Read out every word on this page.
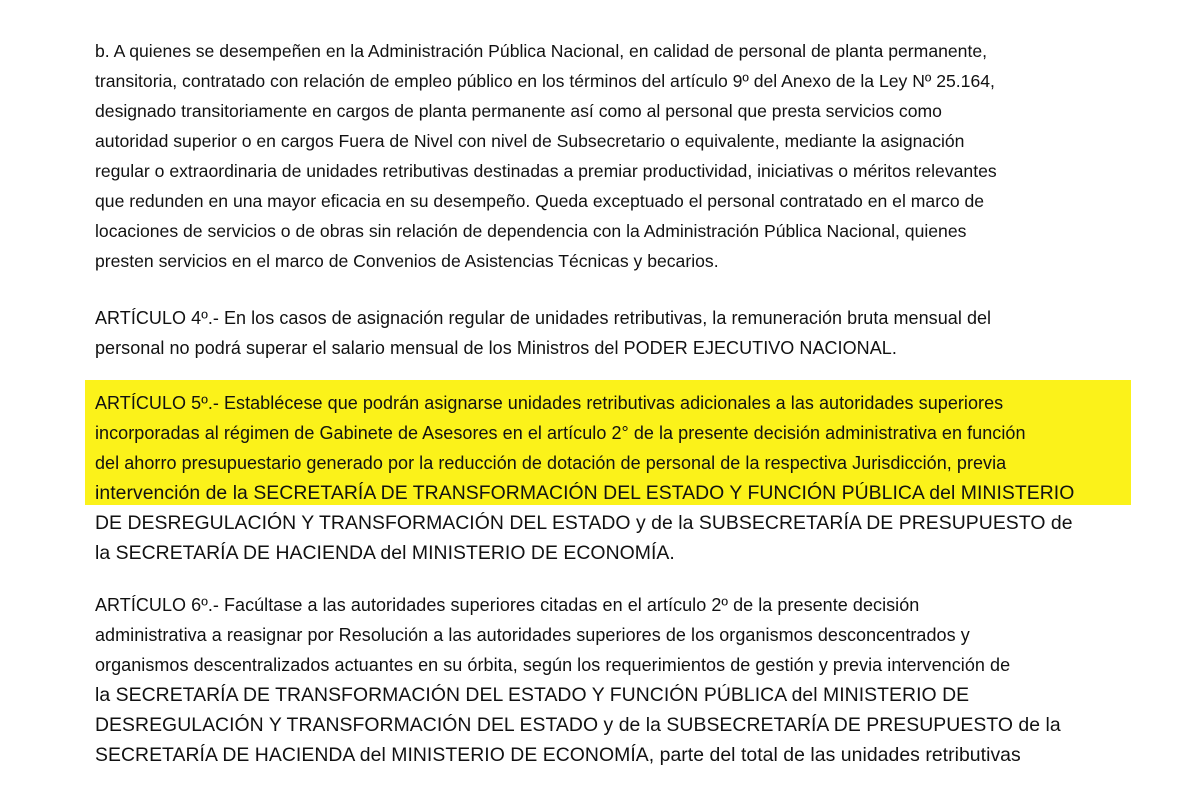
b. A quienes se desempeñen en la Administración Pública Nacional, en calidad de personal de planta permanente,
transitoria, contratado con relación de empleo público en los términos del artículo 9º del Anexo de la Ley Nº 25.164,
designado transitoriamente en cargos de planta permanente así como al personal que presta servicios como
autoridad superior o en cargos Fuera de Nivel con nivel de Subsecretario o equivalente, mediante la asignación
regular o extraordinaria de unidades retributivas destinadas a premiar productividad, iniciativas o méritos relevantes
que redunden en una mayor eficacia en su desempeño. Queda exceptuado el personal contratado en el marco de
locaciones de servicios o de obras sin relación de dependencia con la Administración Pública Nacional, quienes
presten servicios en el marco de Convenios de Asistencias Técnicas y becarios.
ARTÍCULO 4º.- En los casos de asignación regular de unidades retributivas, la remuneración bruta mensual del
personal no podrá superar el salario mensual de los Ministros del PODER EJECUTIVO NACIONAL.
ARTÍCULO 5º.- Establécese que podrán asignarse unidades retributivas adicionales a las autoridades superiores
incorporadas al régimen de Gabinete de Asesores en el artículo 2° de la presente decisión administrativa en función
del ahorro presupuestario generado por la reducción de dotación de personal de la respectiva Jurisdicción, previa
intervención de la SECRETARÍA DE TRANSFORMACIÓN DEL ESTADO Y FUNCIÓN PÚBLICA del MINISTERIO
DE DESREGULACIÓN Y TRANSFORMACIÓN DEL ESTADO y de la SUBSECRETARÍA DE PRESUPUESTO de
la SECRETARÍA DE HACIENDA del MINISTERIO DE ECONOMÍA.
ARTÍCULO 6º.- Facúltase a las autoridades superiores citadas en el artículo 2º de la presente decisión
administrativa a reasignar por Resolución a las autoridades superiores de los organismos desconcentrados y
organismos descentralizados actuantes en su órbita, según los requerimientos de gestión y previa intervención de
la SECRETARÍA DE TRANSFORMACIÓN DEL ESTADO Y FUNCIÓN PÚBLICA del MINISTERIO DE
DESREGULACIÓN Y TRANSFORMACIÓN DEL ESTADO y de la SUBSECRETARÍA DE PRESUPUESTO de la
SECRETARÍA DE HACIENDA del MINISTERIO DE ECONOMÍA, parte del total de las unidades retributivas
